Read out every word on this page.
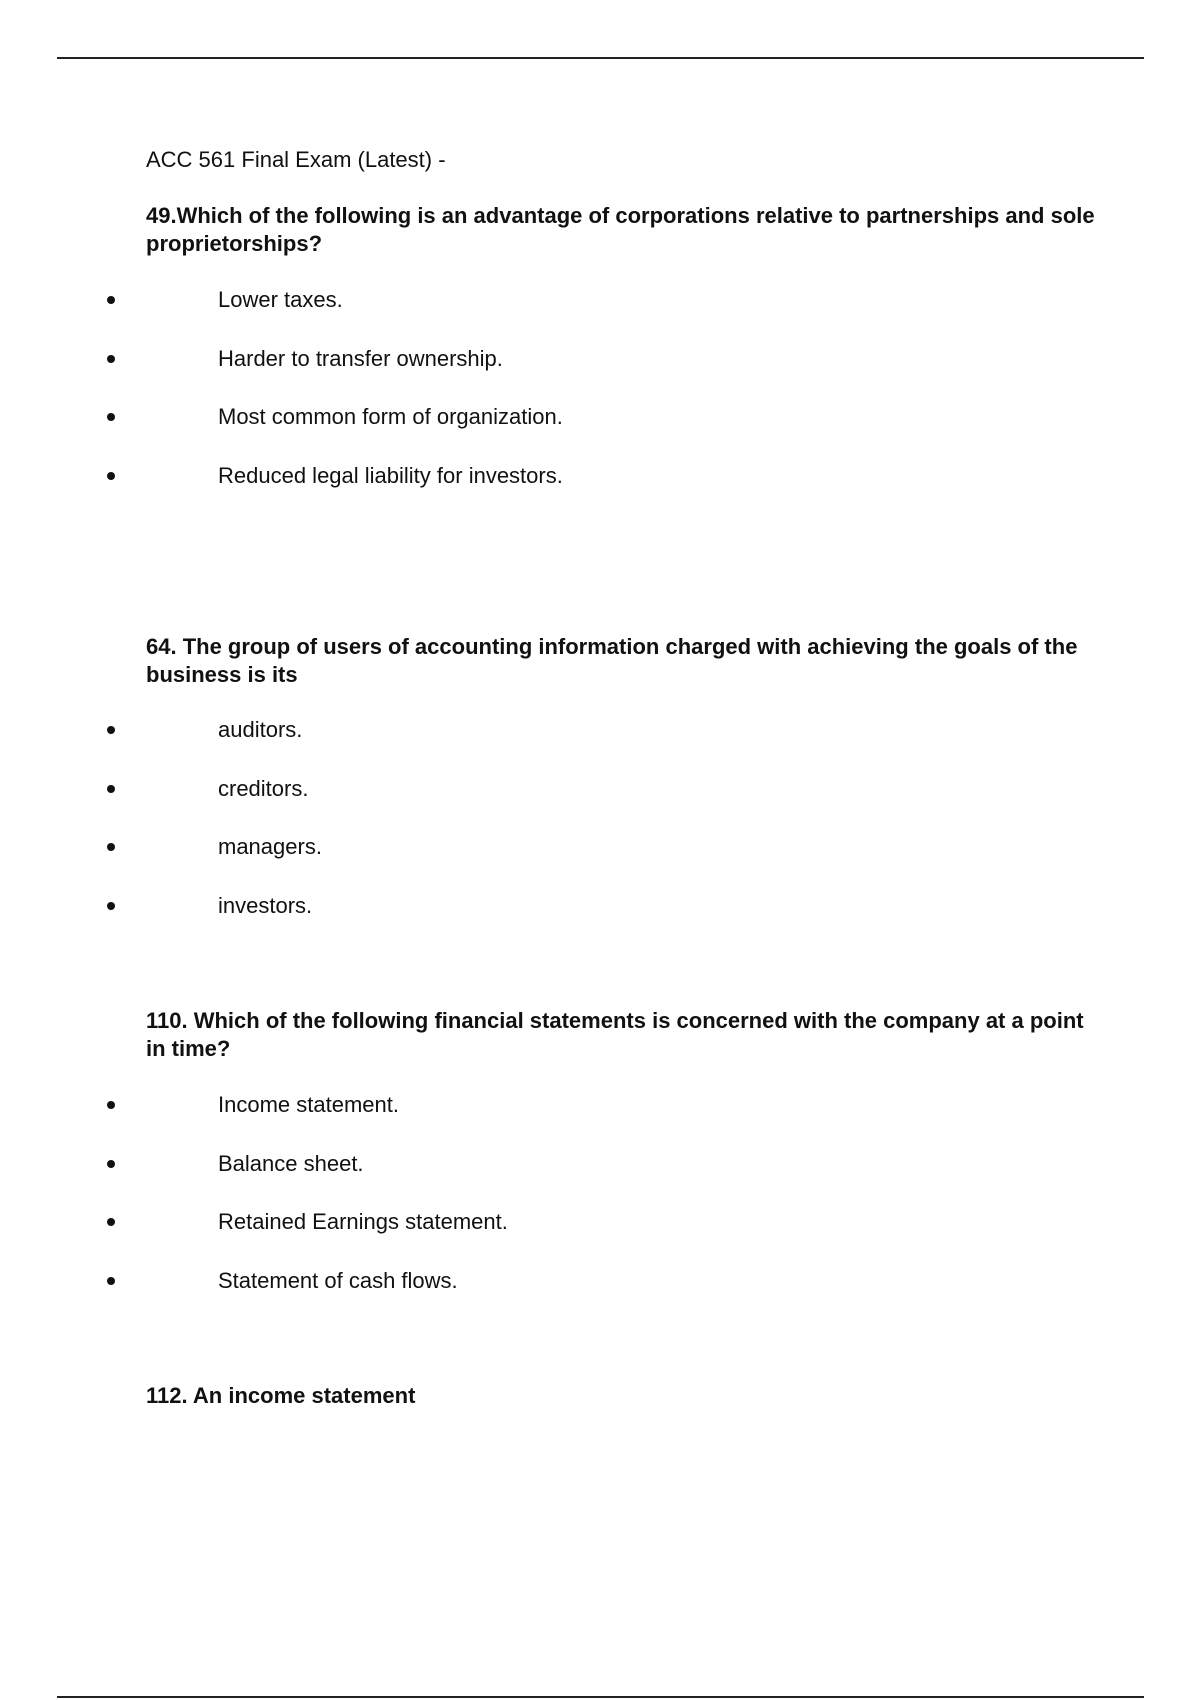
ACC 561 Final Exam (Latest) -

49.Which of the following is an advantage of corporations relative to partnerships and sole proprietorships?

Lower taxes.
Harder to transfer ownership.
Most common form of organization.
Reduced legal liability for investors.

64. The group of users of accounting information charged with achieving the goals of the business is its

auditors.
creditors.
managers.
investors.

110. Which of the following financial statements is concerned with the company at a point in time?

Income statement.
Balance sheet.
Retained Earnings statement.
Statement of cash flows.

112. An income statement
